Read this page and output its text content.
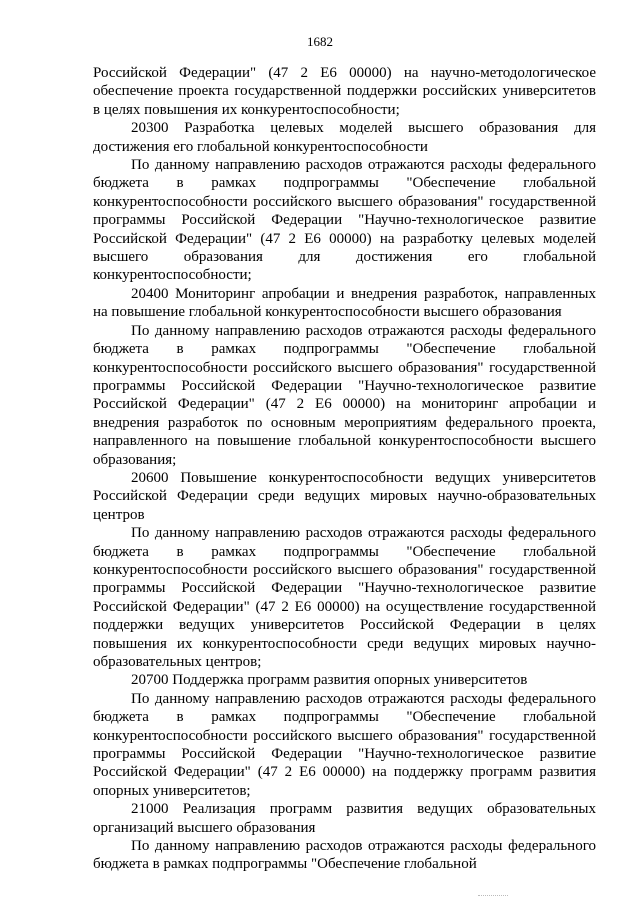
1682

Российской Федерации" (47 2 Е6 00000) на научно-методологическое обеспечение проекта государственной поддержки российских университетов в целях повышения их конкурентоспособности;

20300 Разработка целевых моделей высшего образования для достижения его глобальной конкурентоспособности

По данному направлению расходов отражаются расходы федерального бюджета в рамках подпрограммы "Обеспечение глобальной конкурентоспособности российского высшего образования" государственной программы Российской Федерации "Научно-технологическое развитие Российской Федерации" (47 2 Е6 00000) на разработку целевых моделей высшего образования для достижения его глобальной конкурентоспособности;

20400 Мониторинг апробации и внедрения разработок, направленных на повышение глобальной конкурентоспособности высшего образования

По данному направлению расходов отражаются расходы федерального бюджета в рамках подпрограммы "Обеспечение глобальной конкурентоспособности российского высшего образования" государственной программы Российской Федерации "Научно-технологическое развитие Российской Федерации" (47 2 Е6 00000) на мониторинг апробации и внедрения разработок по основным мероприятиям федерального проекта, направленного на повышение глобальной конкурентоспособности высшего образования;

20600 Повышение конкурентоспособности ведущих университетов Российской Федерации среди ведущих мировых научно-образовательных центров

По данному направлению расходов отражаются расходы федерального бюджета в рамках подпрограммы "Обеспечение глобальной конкурентоспособности российского высшего образования" государственной программы Российской Федерации "Научно-технологическое развитие Российской Федерации" (47 2 Е6 00000) на осуществление государственной поддержки ведущих университетов Российской Федерации в целях повышения их конкурентоспособности среди ведущих мировых научно-образовательных центров;

20700 Поддержка программ развития опорных университетов

По данному направлению расходов отражаются расходы федерального бюджета в рамках подпрограммы "Обеспечение глобальной конкурентоспособности российского высшего образования" государственной программы Российской Федерации "Научно-технологическое развитие Российской Федерации" (47 2 Е6 00000) на поддержку программ развития опорных университетов;

21000 Реализация программ развития ведущих образовательных организаций высшего образования

По данному направлению расходов отражаются расходы федерального бюджета в рамках подпрограммы "Обеспечение глобальной
